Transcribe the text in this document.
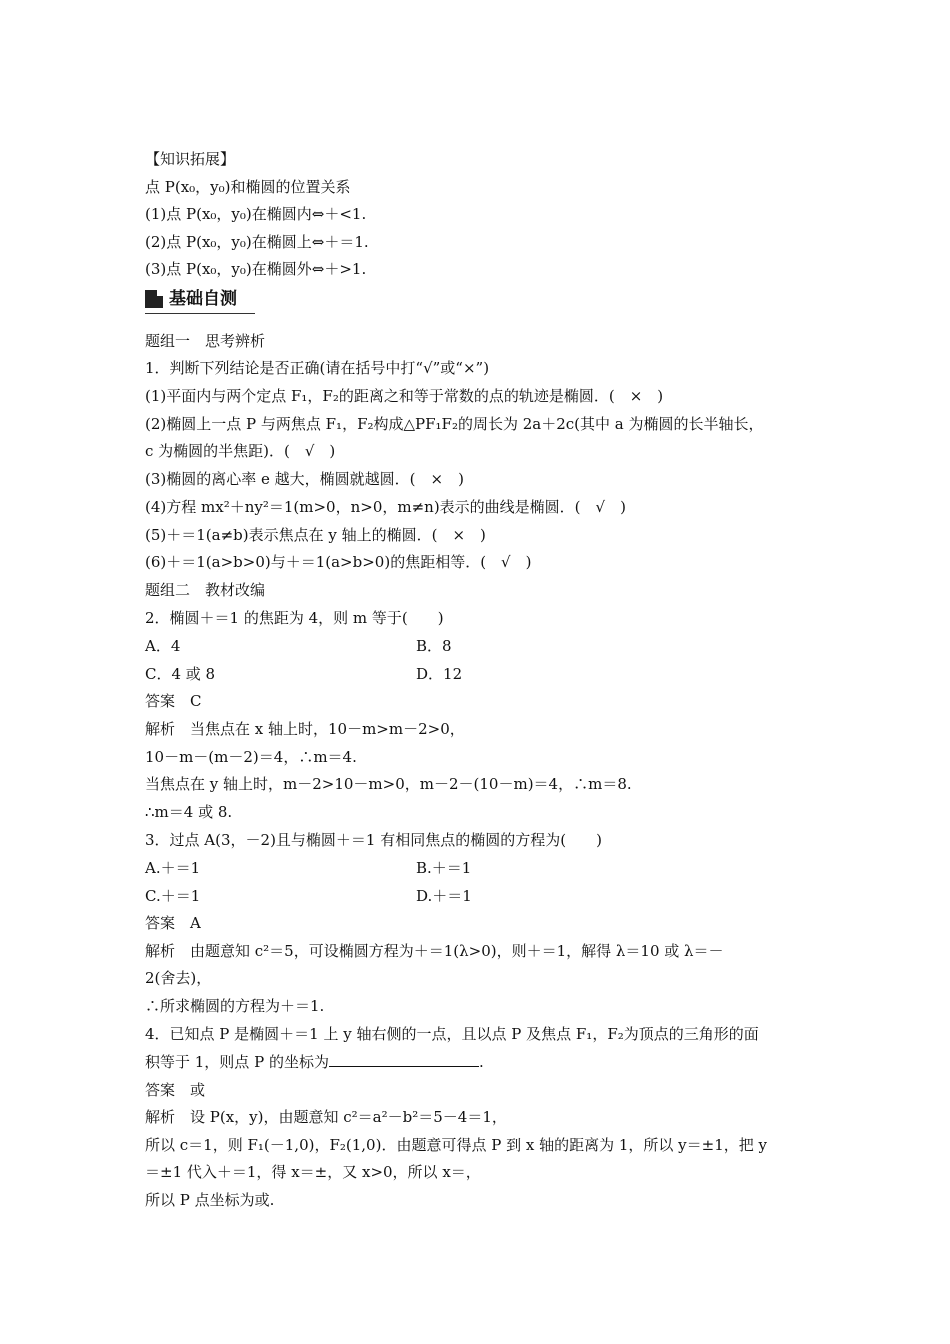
【知识拓展】
点 P(x₀，y₀)和椭圆的位置关系
(1)点 P(x₀，y₀)在椭圆内⇔＋<1.
(2)点 P(x₀，y₀)在椭圆上⇔＋＝1.
(3)点 P(x₀，y₀)在椭圆外⇔＋>1.
基础自测
题组一　思考辨析
1．判断下列结论是否正确(请在括号中打“√”或“×”)
(1)平面内与两个定点 F₁，F₂的距离之和等于常数的点的轨迹是椭圆．(　×　)
(2)椭圆上一点 P 与两焦点 F₁，F₂构成△PF₁F₂的周长为 2a＋2c(其中 a 为椭圆的长半轴长，
c 为椭圆的半焦距)．(　√　)
(3)椭圆的离心率 e 越大，椭圆就越圆．(　×　)
(4)方程 mx²＋ny²＝1(m>0，n>0，m≠n)表示的曲线是椭圆．(　√　)
(5)＋＝1(a≠b)表示焦点在 y 轴上的椭圆．(　×　)
(6)＋＝1(a>b>0)与＋＝1(a>b>0)的焦距相等．(　√　)
题组二　教材改编
2．椭圆＋＝1 的焦距为 4，则 m 等于(　　)
A．4	B．8
C．4 或 8	D．12
答案　C
解析　当焦点在 x 轴上时，10－m>m－2>0，
10－m－(m－2)＝4，∴m＝4.
当焦点在 y 轴上时，m－2>10－m>0，m－2－(10－m)＝4，∴m＝8.
∴m＝4 或 8.
3．过点 A(3，－2)且与椭圆＋＝1 有相同焦点的椭圆的方程为(　　)
A.＋＝1	B.＋＝1
C.＋＝1	D.＋＝1
答案　A
解析　由题意知 c²＝5，可设椭圆方程为＋＝1(λ>0)，则＋＝1，解得 λ＝10 或 λ＝－
2(舍去)，
∴所求椭圆的方程为＋＝1.
4．已知点 P 是椭圆＋＝1 上 y 轴右侧的一点，且以点 P 及焦点 F₁，F₂为顶点的三角形的面
积等于 1，则点 P 的坐标为	.
答案　或
解析　设 P(x，y)，由题意知 c²＝a²－b²＝5－4＝1，
所以 c＝1，则 F₁(－1,0)，F₂(1,0)．由题意可得点 P 到 x 轴的距离为 1，所以 y＝±1，把 y
＝±1 代入＋＝1，得 x＝±，又 x>0，所以 x＝，
所以 P 点坐标为或.
